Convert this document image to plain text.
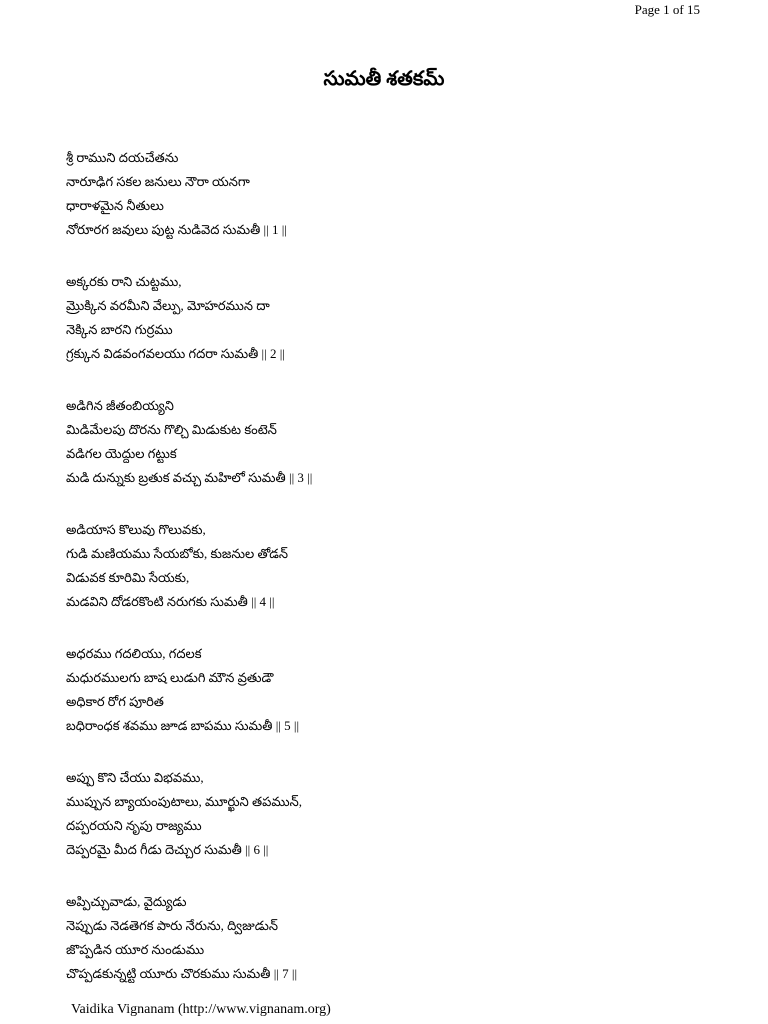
Page 1 of 15
సుమతీ శతకమ్
శ్రీ రాముని దయచేతను
నారూఢిగ సకల జనులు నౌరా యనగా
ధారాళమైన నీతులు
నోరూరగ జవులు పుట్ట నుడివెద సుమతీ || 1 ||
అక్కరకు రాని చుట్టము,
మ్రొక్కిన వరమీని వేల్పు, మోహరమున దా
నెక్కిన బారని గుర్రము
గ్రక్కున విడవంగవలయు గదరా సుమతీ || 2 ||
అడిగిన జీతంబియ్యని
మిడిమేలపు దొరను గొల్చి మిడుకుట కంటెన్
వడిగల యెద్దుల గట్టుక
మడి దున్నుకు బ్రతుక వచ్చు మహిలో సుమతీ || 3 ||
అడియాస కొలువు గొలువకు,
గుడి మణియము సేయబోకు, కుజనుల తోడన్
విడువక కూరిమి సేయకు,
మడవిని దోడరకొంటి నరుగకు సుమతీ || 4 ||
అధరము గదలియు, గదలక
మధురములగు బాష లుడుగి మౌన వ్రతుడౌ
అధికార రోగ పూరిత
బధిరాంధక శవము జూడ బాపము సుమతీ || 5 ||
అప్పు కొని చేయు విభవము,
ముప్పున బ్యాయంపుటాలు, మూర్ఖుని తపమున్,
దప్పరయని నృపు రాజ్యము
దెప్పరమై మీద గీడు దెచ్చుర సుమతీ || 6 ||
అప్పిచ్చువాడు, వైద్యుడు
నెప్పుడు నెడతెగక పారు నేరును, ద్విజుడున్
జొప్పడిన యూర నుండుము
చొప్పడకున్నట్టి యూరు చొరకుము సుమతీ || 7 ||
Vaidika Vignanam (http://www.vignanam.org)
